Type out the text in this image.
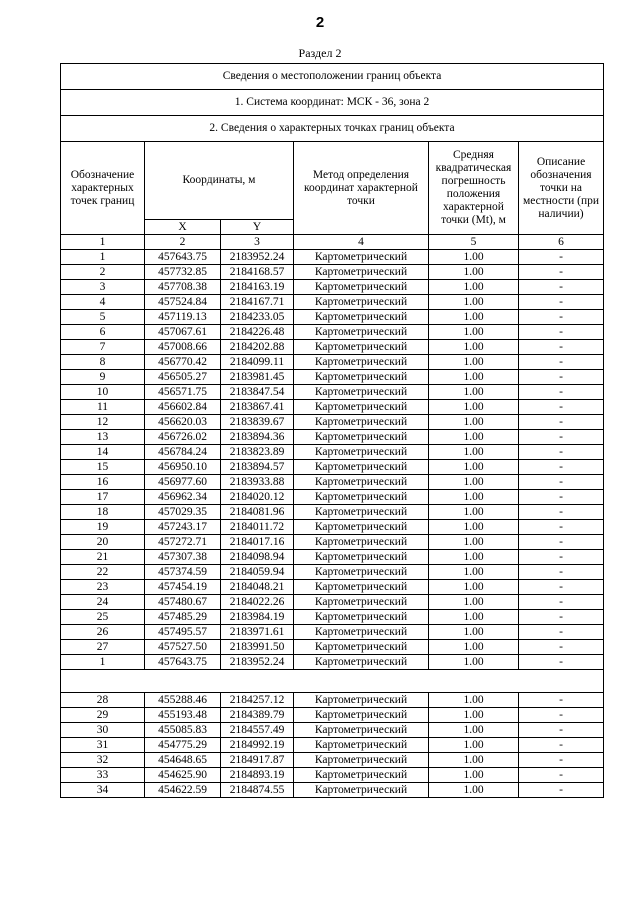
2
Раздел 2
Сведения о местоположении границ объекта					
1. Система координат: МСК - 36, зона 2					
2. Сведения о характерных точках границ объекта					
Обозначение характерных точек границ	Координаты, м		Метод определения координат характерной точки	Средняя квадратическая погрешность положения характерной точки (Mt), м	Описание обозначения точки на местности (при наличии)
	X	Y			
1	2	3	4	5	6
1	457643.75	2183952.24	Картометрический	1.00	-
2	457732.85	2184168.57	Картометрический	1.00	-
3	457708.38	2184163.19	Картометрический	1.00	-
4	457524.84	2184167.71	Картометрический	1.00	-
5	457119.13	2184233.05	Картометрический	1.00	-
6	457067.61	2184226.48	Картометрический	1.00	-
7	457008.66	2184202.88	Картометрический	1.00	-
8	456770.42	2184099.11	Картометрический	1.00	-
9	456505.27	2183981.45	Картометрический	1.00	-
10	456571.75	2183847.54	Картометрический	1.00	-
11	456602.84	2183867.41	Картометрический	1.00	-
12	456620.03	2183839.67	Картометрический	1.00	-
13	456726.02	2183894.36	Картометрический	1.00	-
14	456784.24	2183823.89	Картометрический	1.00	-
15	456950.10	2183894.57	Картометрический	1.00	-
16	456977.60	2183933.88	Картометрический	1.00	-
17	456962.34	2184020.12	Картометрический	1.00	-
18	457029.35	2184081.96	Картометрический	1.00	-
19	457243.17	2184011.72	Картометрический	1.00	-
20	457272.71	2184017.16	Картометрический	1.00	-
21	457307.38	2184098.94	Картометрический	1.00	-
22	457374.59	2184059.94	Картометрический	1.00	-
23	457454.19	2184048.21	Картометрический	1.00	-
24	457480.67	2184022.26	Картометрический	1.00	-
25	457485.29	2183984.19	Картометрический	1.00	-
26	457495.57	2183971.61	Картометрический	1.00	-
27	457527.50	2183991.50	Картометрический	1.00	-
1	457643.75	2183952.24	Картометрический	1.00	-

28	455288.46	2184257.12	Картометрический	1.00	-
29	455193.48	2184389.79	Картометрический	1.00	-
30	455085.83	2184557.49	Картометрический	1.00	-
31	454775.29	2184992.19	Картометрический	1.00	-
32	454648.65	2184917.87	Картометрический	1.00	-
33	454625.90	2184893.19	Картометрический	1.00	-
34	454622.59	2184874.55	Картометрический	1.00	-
